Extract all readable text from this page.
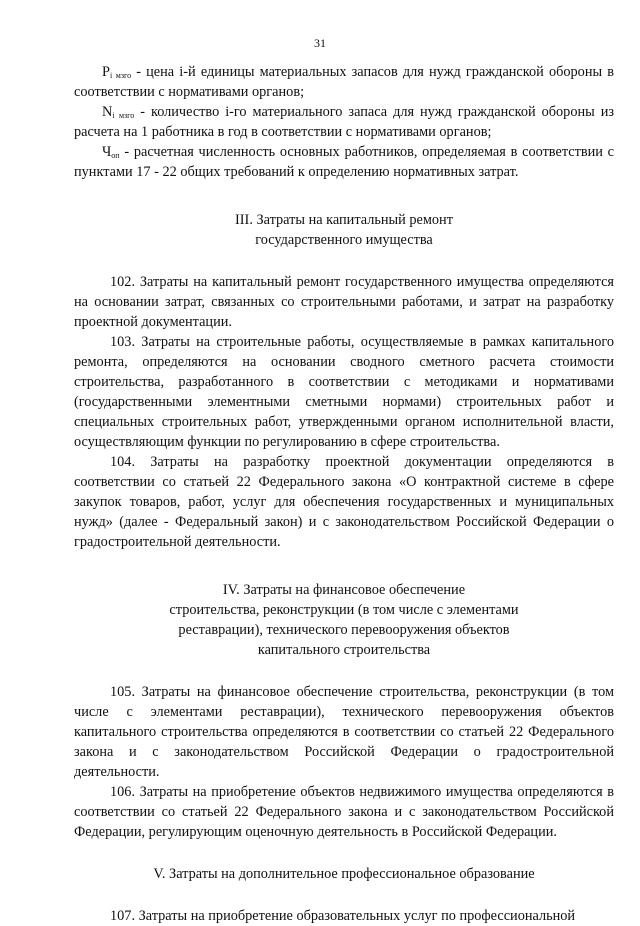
31

$P_{i мзго}$ - цена i-й единицы материальных запасов для нужд гражданской обороны в соответствии с нормативами органов;

$N_{i мзго}$ - количество i-го материального запаса для нужд гражданской обороны из расчета на 1 работника в год в соответствии с нормативами органов;

$Ч_{оп}$ - расчетная численность основных работников, определяемая в соответствии с пунктами 17 - 22 общих требований к определению нормативных затрат.

III. Затраты на капитальный ремонт

государственного имущества

102. Затраты на капитальный ремонт государственного имущества определяются на основании затрат, связанных со строительными работами, и затрат на разработку проектной документации.

103. Затраты на строительные работы, осуществляемые в рамках капитального ремонта, определяются на основании сводного сметного расчета стоимости строительства, разработанного в соответствии с методиками и нормативами (государственными элементными сметными нормами) строительных работ и специальных строительных работ, утвержденными органом исполнительной власти, осуществляющим функции по регулированию в сфере строительства.

104. Затраты на разработку проектной документации определяются в соответствии со статьей 22 Федерального закона «О контрактной системе в сфере закупок товаров, работ, услуг для обеспечения государственных и муниципальных нужд» (далее - Федеральный закон) и с законодательством Российской Федерации о градостроительной деятельности.

IV. Затраты на финансовое обеспечение

строительства, реконструкции (в том числе с элементами

реставрации), технического перевооружения объектов

капитального строительства

105. Затраты на финансовое обеспечение строительства, реконструкции (в том числе с элементами реставрации), технического перевооружения объектов капитального строительства определяются в соответствии со статьей 22 Федерального закона и с законодательством Российской Федерации о градостроительной деятельности.

106. Затраты на приобретение объектов недвижимого имущества определяются в соответствии со статьей 22 Федерального закона и с законодательством Российской Федерации, регулирующим оценочную деятельность в Российской Федерации.

V. Затраты на дополнительное профессиональное образование

107. Затраты на приобретение образовательных услуг по профессиональной
